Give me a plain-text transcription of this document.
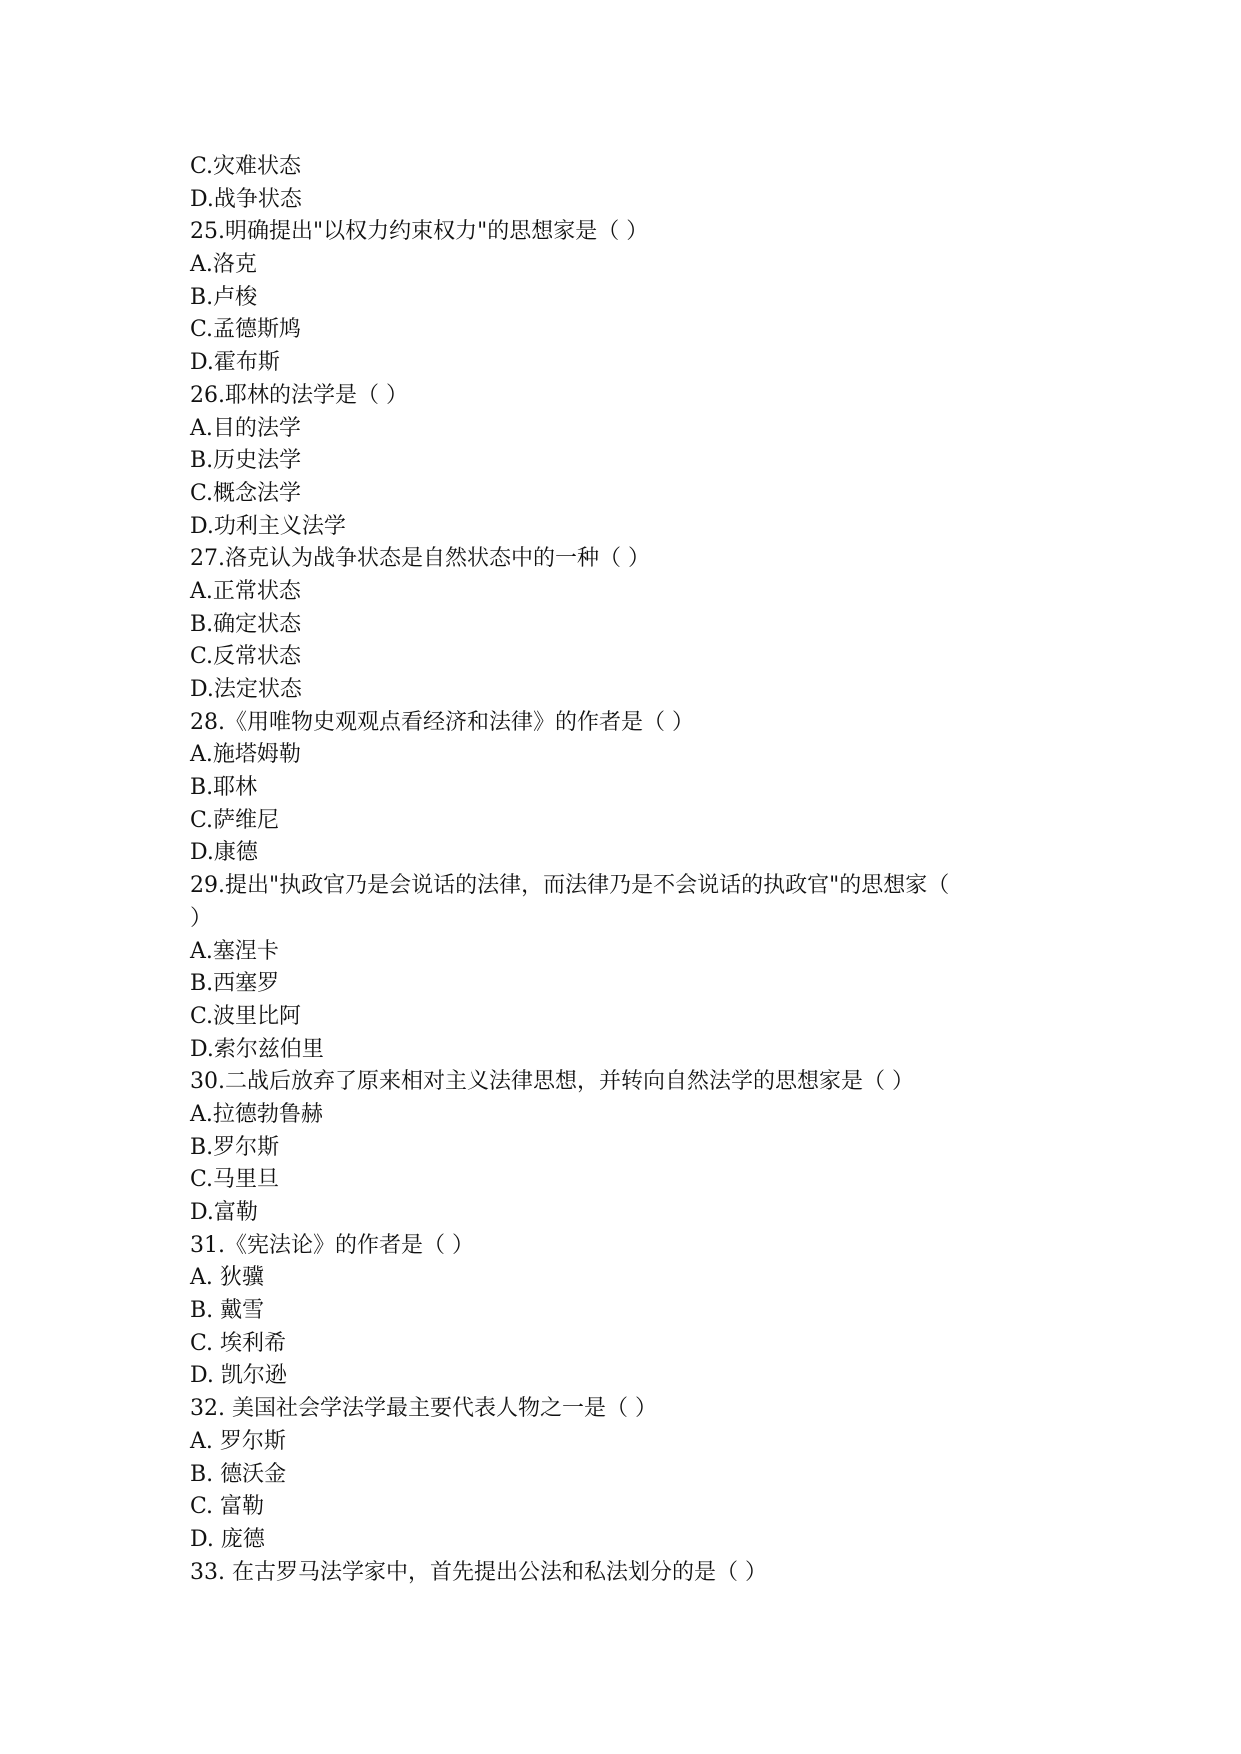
C.灾难状态
D.战争状态
25.明确提出"以权力约束权力"的思想家是（ ）
A.洛克
B.卢梭
C.孟德斯鸠
D.霍布斯
26.耶林的法学是（ ）
A.目的法学
B.历史法学
C.概念法学
D.功利主义法学
27.洛克认为战争状态是自然状态中的一种（ ）
A.正常状态
B.确定状态
C.反常状态
D.法定状态
28.《用唯物史观观点看经济和法律》的作者是（ ）
A.施塔姆勒
B.耶林
C.萨维尼
D.康德
29.提出"执政官乃是会说话的法律，而法律乃是不会说话的执政官"的思想家（
）
A.塞涅卡
B.西塞罗
C.波里比阿
D.索尔兹伯里
30.二战后放弃了原来相对主义法律思想，并转向自然法学的思想家是（ ）
A.拉德勃鲁赫
B.罗尔斯
C.马里旦
D.富勒
31.《宪法论》的作者是（ ）
A. 狄骥
B. 戴雪
C. 埃利希
D. 凯尔逊
32. 美国社会学法学最主要代表人物之一是（ ）
A. 罗尔斯
B. 德沃金
C. 富勒
D. 庞德
33. 在古罗马法学家中，首先提出公法和私法划分的是（ ）
